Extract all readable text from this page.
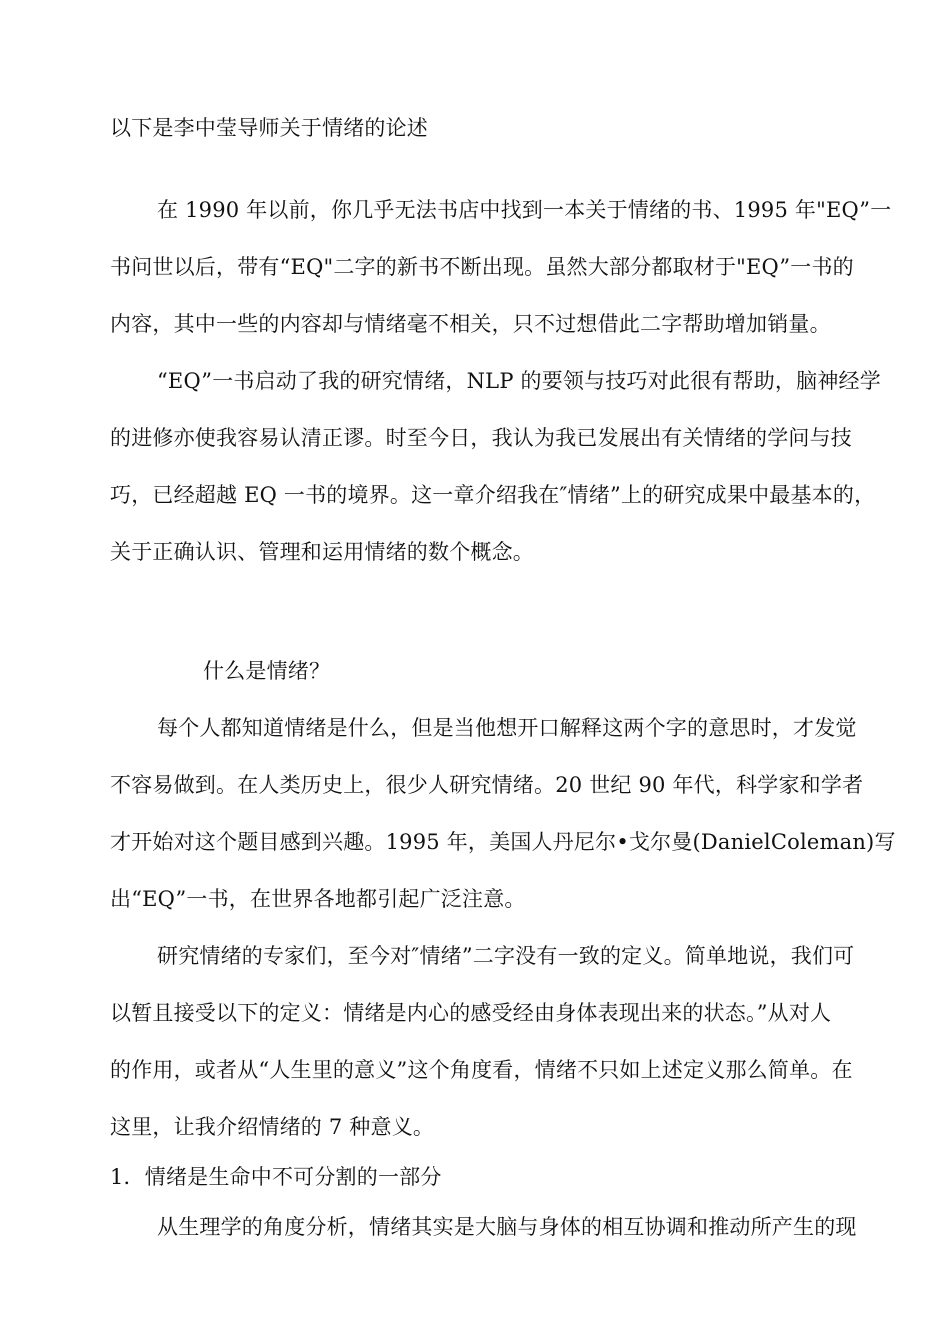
以下是李中莹导师关于情绪的论述
在 1990 年以前，你几乎无法书店中找到一本关于情绪的书、1995 年"EQ”一
书问世以后，带有“EQ"二字的新书不断出现。虽然大部分都取材于"EQ”一书的
内容，其中一些的内容却与情绪毫不相关，只不过想借此二字帮助增加销量。
“EQ”一书启动了我的研究情绪，NLP 的要领与技巧对此很有帮助，脑神经学
的进修亦使我容易认清正谬。时至今日，我认为我已发展出有关情绪的学问与技
巧，已经超越 EQ 一书的境界。这一章介绍我在″情绪”上的研究成果中最基本的，
关于正确认识、管理和运用情绪的数个概念。
什么是情绪？
每个人都知道情绪是什么，但是当他想开口解释这两个字的意思时，才发觉
不容易做到。在人类历史上，很少人研究情绪。20 世纪 90 年代，科学家和学者
才开始对这个题目感到兴趣。1995 年，美国人丹尼尔•戈尔曼(DanielColeman)写
出“EQ”一书，在世界各地都引起广泛注意。
研究情绪的专家们，至今对″情绪”二字没有一致的定义。简单地说，我们可
以暂且接受以下的定义：情绪是内心的感受经由身体表现出来的状态。”从对人
的作用，或者从“人生里的意义”这个角度看，情绪不只如上述定义那么简单。在
这里，让我介绍情绪的 7 种意义。
1．情绪是生命中不可分割的一部分
从生理学的角度分析，情绪其实是大脑与身体的相互协调和推动所产生的现
